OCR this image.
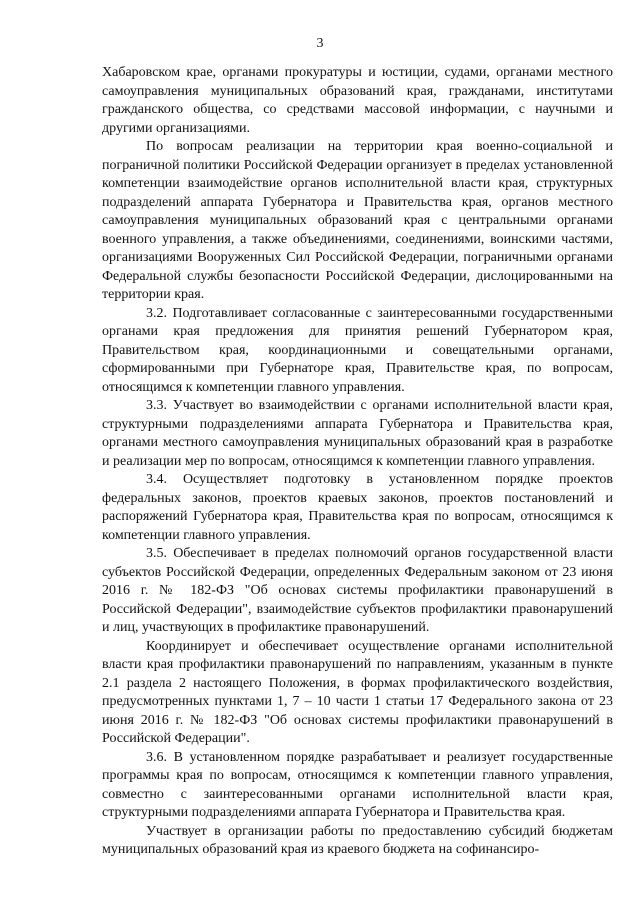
3

Хабаровском крае, органами прокуратуры и юстиции, судами, органами местного самоуправления муниципальных образований края, гражданами, институтами гражданского общества, со средствами массовой информации, с научными и другими организациями.

По вопросам реализации на территории края военно-социальной и пограничной политики Российской Федерации организует в пределах установленной компетенции взаимодействие органов исполнительной власти края, структурных подразделений аппарата Губернатора и Правительства края, органов местного самоуправления муниципальных образований края с центральными органами военного управления, а также объединениями, соединениями, воинскими частями, организациями Вооруженных Сил Российской Федерации, пограничными органами Федеральной службы безопасности Российской Федерации, дислоцированными на территории края.

3.2. Подготавливает согласованные с заинтересованными государственными органами края предложения для принятия решений Губернатором края, Правительством края, координационными и совещательными органами, сформированными при Губернаторе края, Правительстве края, по вопросам, относящимся к компетенции главного управления.

3.3. Участвует во взаимодействии с органами исполнительной власти края, структурными подразделениями аппарата Губернатора и Правительства края, органами местного самоуправления муниципальных образований края в разработке и реализации мер по вопросам, относящимся к компетенции главного управления.

3.4. Осуществляет подготовку в установленном порядке проектов федеральных законов, проектов краевых законов, проектов постановлений и распоряжений Губернатора края, Правительства края по вопросам, относящимся к компетенции главного управления.

3.5. Обеспечивает в пределах полномочий органов государственной власти субъектов Российской Федерации, определенных Федеральным законом от 23 июня 2016 г. № 182-ФЗ "Об основах системы профилактики правонарушений в Российской Федерации", взаимодействие субъектов профилактики правонарушений и лиц, участвующих в профилактике правонарушений.

Координирует и обеспечивает осуществление органами исполнительной власти края профилактики правонарушений по направлениям, указанным в пункте 2.1 раздела 2 настоящего Положения, в формах профилактического воздействия, предусмотренных пунктами 1, 7 – 10 части 1 статьи 17 Федерального закона от 23 июня 2016 г. № 182-ФЗ "Об основах системы профилактики правонарушений в Российской Федерации".

3.6. В установленном порядке разрабатывает и реализует государственные программы края по вопросам, относящимся к компетенции главного управления, совместно с заинтересованными органами исполнительной власти края, структурными подразделениями аппарата Губернатора и Правительства края.

Участвует в организации работы по предоставлению субсидий бюджетам муниципальных образований края из краевого бюджета на софинансиро-
